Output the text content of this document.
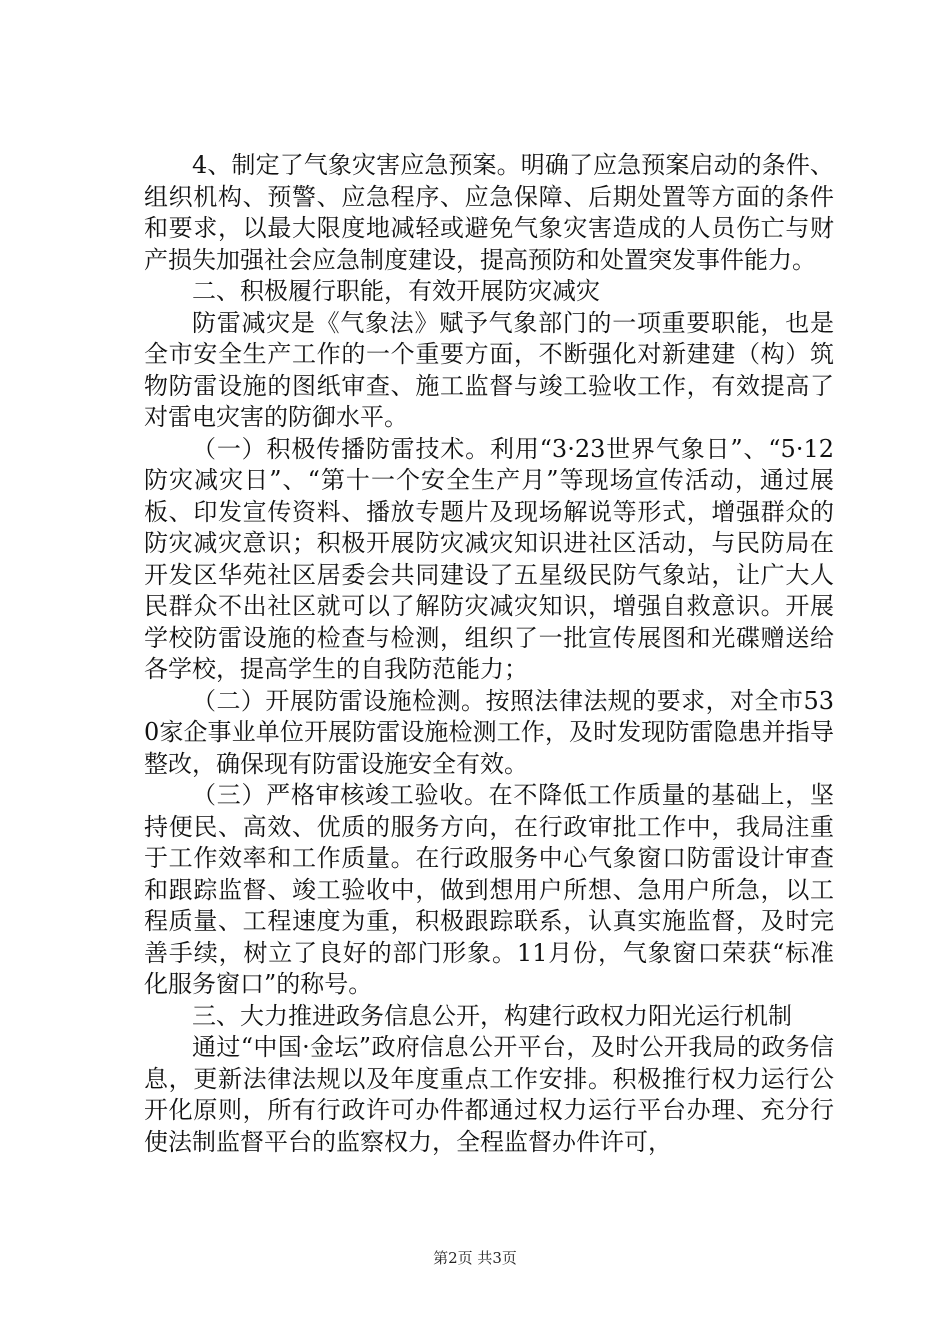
4、制定了气象灾害应急预案。明确了应急预案启动的条件、组织机构、预警、应急程序、应急保障、后期处置等方面的条件和要求，以最大限度地减轻或避免气象灾害造成的人员伤亡与财产损失加强社会应急制度建设，提高预防和处置突发事件能力。

二、积极履行职能，有效开展防灾减灾

防雷减灾是《气象法》赋予气象部门的一项重要职能，也是全市安全生产工作的一个重要方面，不断强化对新建建（构）筑物防雷设施的图纸审查、施工监督与竣工验收工作，有效提高了对雷电灾害的防御水平。

（一）积极传播防雷技术。利用“3·23世界气象日”、“5·12防灾减灾日”、“第十一个安全生产月”等现场宣传活动，通过展板、印发宣传资料、播放专题片及现场解说等形式，增强群众的防灾减灾意识；积极开展防灾减灾知识进社区活动，与民防局在开发区华苑社区居委会共同建设了五星级民防气象站，让广大人民群众不出社区就可以了解防灾减灾知识，增强自救意识。开展学校防雷设施的检查与检测，组织了一批宣传展图和光碟赠送给各学校，提高学生的自我防范能力；

（二）开展防雷设施检测。按照法律法规的要求，对全市530家企事业单位开展防雷设施检测工作，及时发现防雷隐患并指导整改，确保现有防雷设施安全有效。

（三）严格审核竣工验收。在不降低工作质量的基础上，坚持便民、高效、优质的服务方向，在行政审批工作中，我局注重于工作效率和工作质量。在行政服务中心气象窗口防雷设计审查和跟踪监督、竣工验收中，做到想用户所想、急用户所急，以工程质量、工程速度为重，积极跟踪联系，认真实施监督，及时完善手续，树立了良好的部门形象。11月份，气象窗口荣获“标准化服务窗口”的称号。

三、大力推进政务信息公开，构建行政权力阳光运行机制

通过“中国·金坛”政府信息公开平台，及时公开我局的政务信息，更新法律法规以及年度重点工作安排。积极推行权力运行公开化原则，所有行政许可办件都通过权力运行平台办理、充分行使法制监督平台的监察权力，全程监督办件许可，

第2页 共3页
